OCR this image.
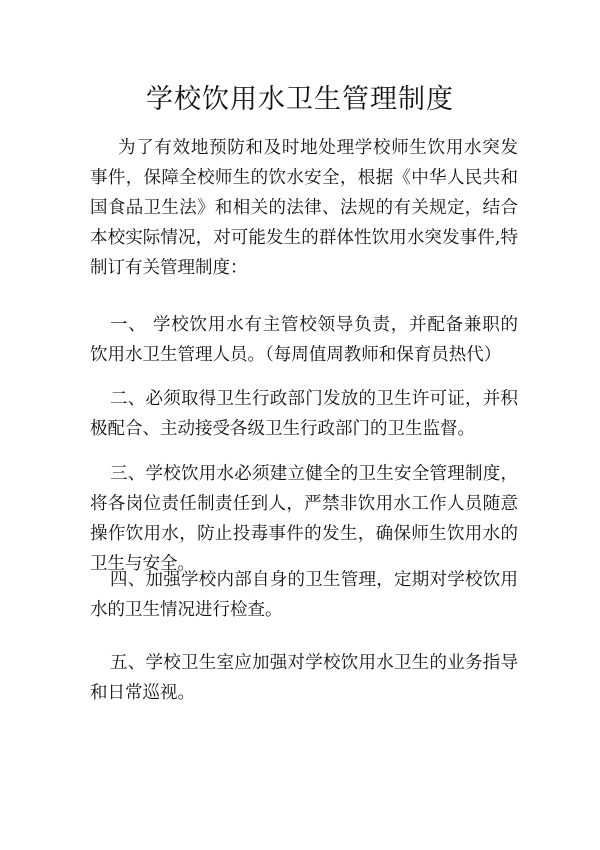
学校饮用水卫生管理制度

为了有效地预防和及时地处理学校师生饮用水突发事件，保障全校师生的饮水安全，根据《中华人民共和国食品卫生法》和相关的法律、法规的有关规定，结合本校实际情况，对可能发生的群体性饮用水突发事件,特制订有关管理制度：

一、 学校饮用水有主管校领导负责，并配备兼职的饮用水卫生管理人员。（每周值周教师和保育员热代）

二、必须取得卫生行政部门发放的卫生许可证，并积极配合、主动接受各级卫生行政部门的卫生监督。

三、学校饮用水必须建立健全的卫生安全管理制度，将各岗位责任制责任到人，严禁非饮用水工作人员随意操作饮用水，防止投毒事件的发生，确保师生饮用水的卫生与安全。

四、加强学校内部自身的卫生管理，定期对学校饮用水的卫生情况进行检查。

五、学校卫生室应加强对学校饮用水卫生的业务指导和日常巡视。
